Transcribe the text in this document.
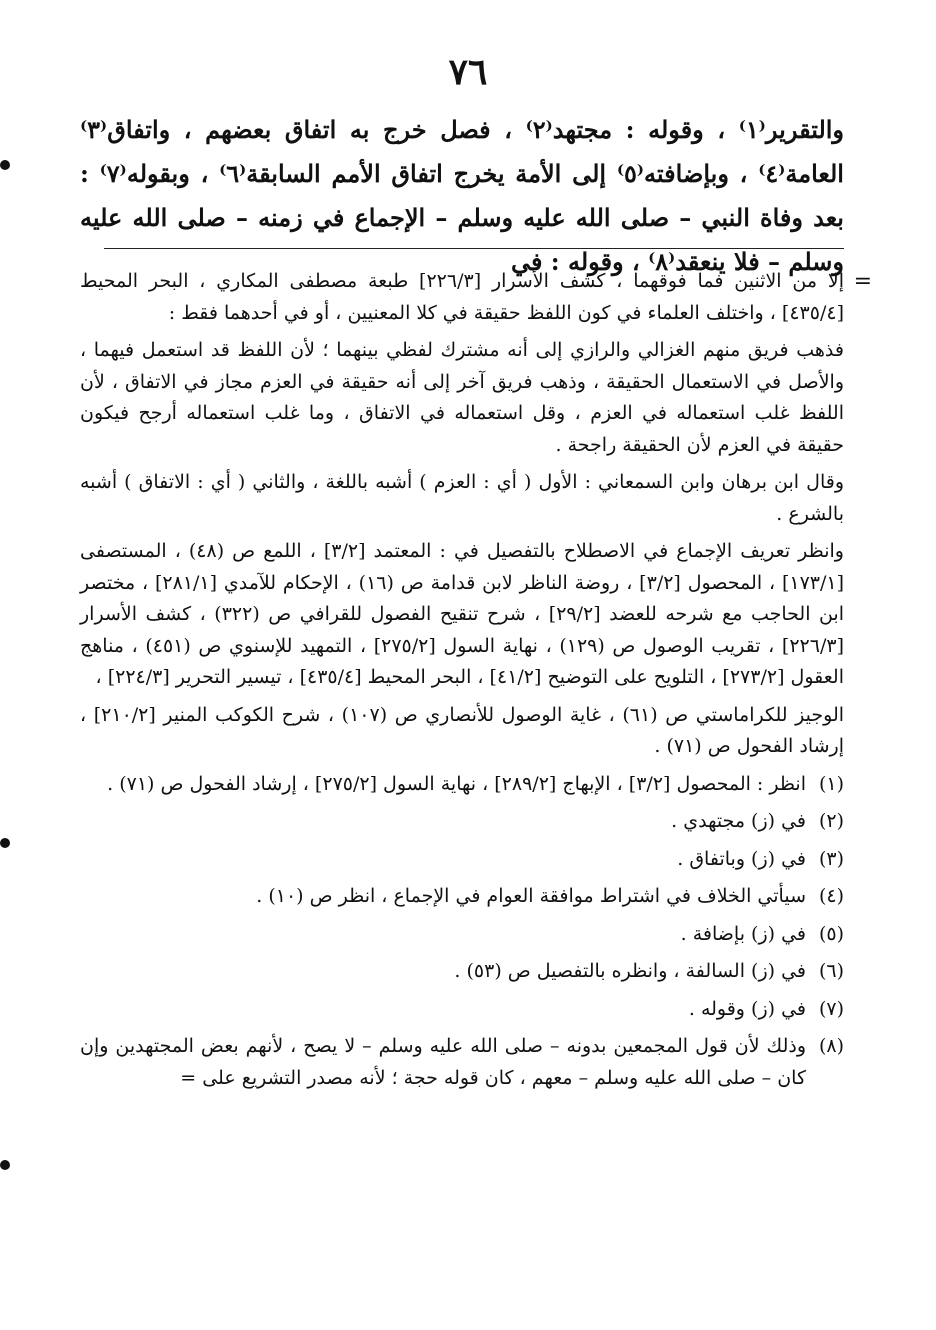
٧٦
والتقرير⁽١⁾ ، وقوله : مجتهد⁽٢⁾ ، فصل خرج به اتفاق بعضهم ، واتفاق⁽٣⁾ العامة⁽٤⁾ ، وبإضافته⁽٥⁾ إلى الأمة يخرج اتفاق الأمم السابقة⁽٦⁾ ، وبقوله⁽٧⁾ : بعد وفاة النبي – صلى الله عليه وسلم – الإجماع في زمنه – صلى الله عليه وسلم – فلا ينعقد⁽٨⁾ ، وقوله : في
=

إلا من الاثنين فما فوقهما ، كشف الأسرار [٢٢٦/٣] طبعة مصطفى المكاري ، البحر المحيط [٤٣٥/٤] ، واختلف العلماء في كون اللفظ حقيقة في كلا المعنيين ، أو في أحدهما فقط :

فذهب فريق منهم الغزالي والرازي إلى أنه مشترك لفظي بينهما ؛ لأن اللفظ قد استعمل فيهما ، والأصل في الاستعمال الحقيقة ، وذهب فريق آخر إلى أنه حقيقة في العزم مجاز في الاتفاق ، لأن اللفظ غلب استعماله في العزم ، وقل استعماله في الاتفاق ، وما غلب استعماله أرجح فيكون حقيقة في العزم لأن الحقيقة راجحة .

وقال ابن برهان وابن السمعاني : الأول ( أي : العزم ) أشبه باللغة ، والثاني ( أي : الاتفاق ) أشبه بالشرع .

وانظر تعريف الإجماع في الاصطلاح بالتفصيل في : المعتمد [٣/٢] ، اللمع ص (٤٨) ، المستصفى [١٧٣/١] ، المحصول [٣/٢] ، روضة الناظر لابن قدامة ص (١٦) ، الإحكام للآمدي [٢٨١/١] ، مختصر ابن الحاجب مع شرحه للعضد [٢٩/٢] ، شرح تنقيح الفصول للقرافي ص (٣٢٢) ، كشف الأسرار [٢٢٦/٣] ، تقريب الوصول ص (١٢٩) ، نهاية السول [٢٧٥/٢] ، التمهيد للإسنوي ص (٤٥١) ، مناهج العقول [٢٧٣/٢] ، التلويح على التوضيح [٤١/٢] ، البحر المحيط [٤٣٥/٤] ، تيسير التحرير [٢٢٤/٣] ،

الوجيز للكراماستي ص (٦١) ، غاية الوصول للأنصاري ص (١٠٧) ، شرح الكوكب المنير [٢١٠/٢] ، إرشاد الفحول ص (٧١) .

(١)
انظر : المحصول [٣/٢] ، الإبهاج [٢٨٩/٢] ، نهاية السول [٢٧٥/٢] ، إرشاد الفحول ص (٧١) .
(٢)
في (ز) مجتهدي .
(٣)
في (ز) وباتفاق .
(٤)
سيأتي الخلاف في اشتراط موافقة العوام في الإجماع ، انظر ص (١٠) .
(٥)
في (ز) بإضافة .
(٦)
في (ز) السالفة ، وانظره بالتفصيل ص (٥٣) .
(٧)
في (ز) وقوله .
(٨)
وذلك لأن قول المجمعين بدونه – صلى الله عليه وسلم – لا يصح ، لأنهم بعض المجتهدين وإن كان – صلى الله عليه وسلم – معهم ، كان قوله حجة ؛ لأنه مصدر التشريع على =
